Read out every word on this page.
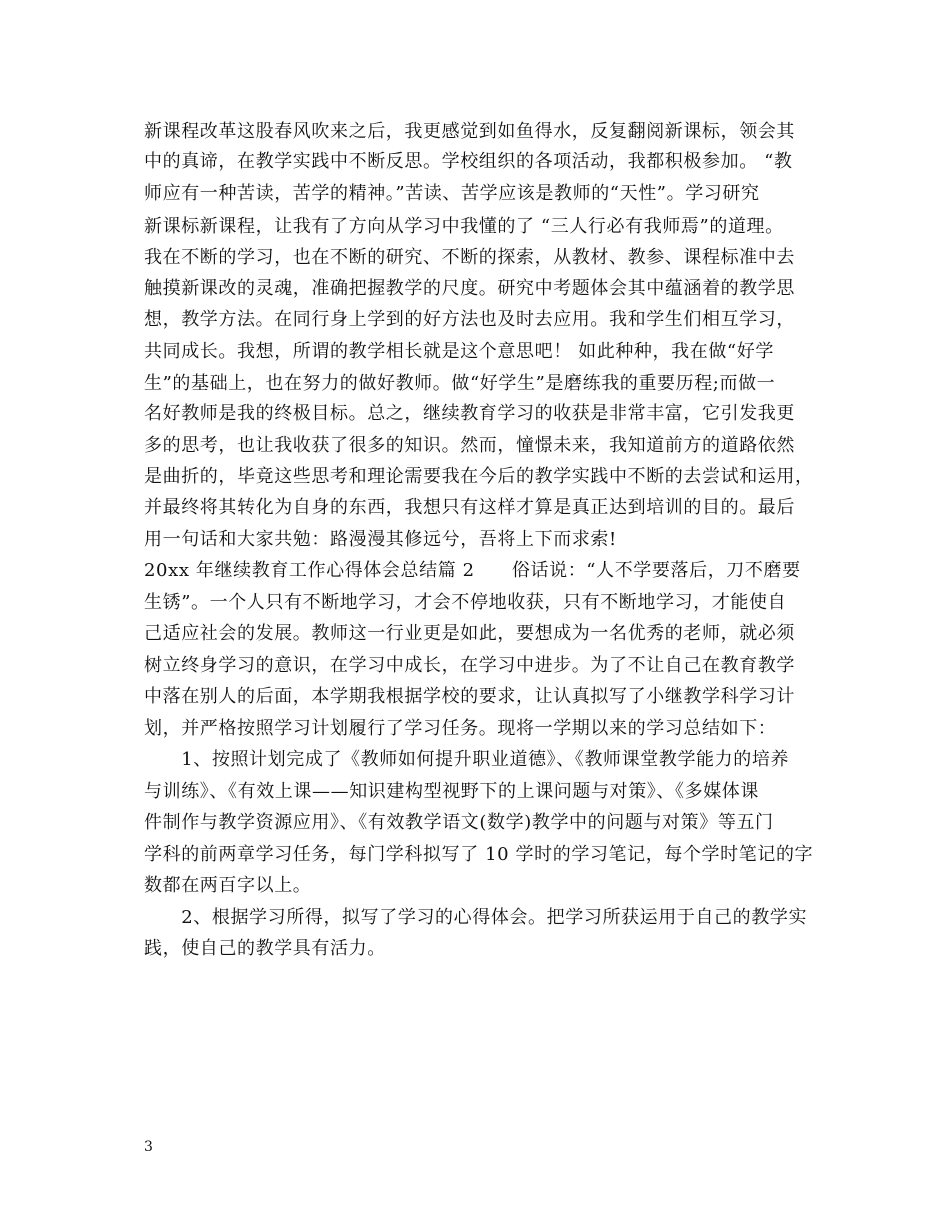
新课程改革这股春风吹来之后，我更感觉到如鱼得水，反复翻阅新课标，领会其
中的真谛，在教学实践中不断反思。学校组织的各项活动，我都积极参加。 “教
师应有一种苦读，苦学的精神。”苦读、苦学应该是教师的“天性”。学习研究
新课标新课程，让我有了方向从学习中我懂的了 “三人行必有我师焉”的道理。
我在不断的学习，也在不断的研究、不断的探索，从教材、教参、课程标准中去
触摸新课改的灵魂，准确把握教学的尺度。研究中考题体会其中蕴涵着的教学思
想，教学方法。在同行身上学到的好方法也及时去应用。我和学生们相互学习，
共同成长。我想，所谓的教学相长就是这个意思吧！ 如此种种，我在做“好学
生”的基础上，也在努力的做好教师。做“好学生”是磨练我的重要历程;而做一
名好教师是我的终极目标。总之，继续教育学习的收获是非常丰富，它引发我更
多的思考，也让我收获了很多的知识。然而，憧憬未来，我知道前方的道路依然
是曲折的，毕竟这些思考和理论需要我在今后的教学实践中不断的去尝试和运用，
并最终将其转化为自身的东西，我想只有这样才算是真正达到培训的目的。最后
用一句话和大家共勉：路漫漫其修远兮，吾将上下而求索!
20xx 年继续教育工作心得体会总结篇 2　　俗话说：“人不学要落后，刀不磨要
生锈”。一个人只有不断地学习，才会不停地收获，只有不断地学习，才能使自
己适应社会的发展。教师这一行业更是如此，要想成为一名优秀的老师，就必须
树立终身学习的意识，在学习中成长，在学习中进步。为了不让自己在教育教学
中落在别人的后面，本学期我根据学校的要求，让认真拟写了小继教学科学习计
划，并严格按照学习计划履行了学习任务。现将一学期以来的学习总结如下：
　　1、按照计划完成了《教师如何提升职业道德》、《教师课堂教学能力的培养
与训练》、《有效上课——知识建构型视野下的上课问题与对策》、《多媒体课
件制作与教学资源应用》、《有效教学语文(数学)教学中的问题与对策》等五门
学科的前两章学习任务，每门学科拟写了 10 学时的学习笔记，每个学时笔记的字
数都在两百字以上。
　　2、根据学习所得，拟写了学习的心得体会。把学习所获运用于自己的教学实
践，使自己的教学具有活力。
3
